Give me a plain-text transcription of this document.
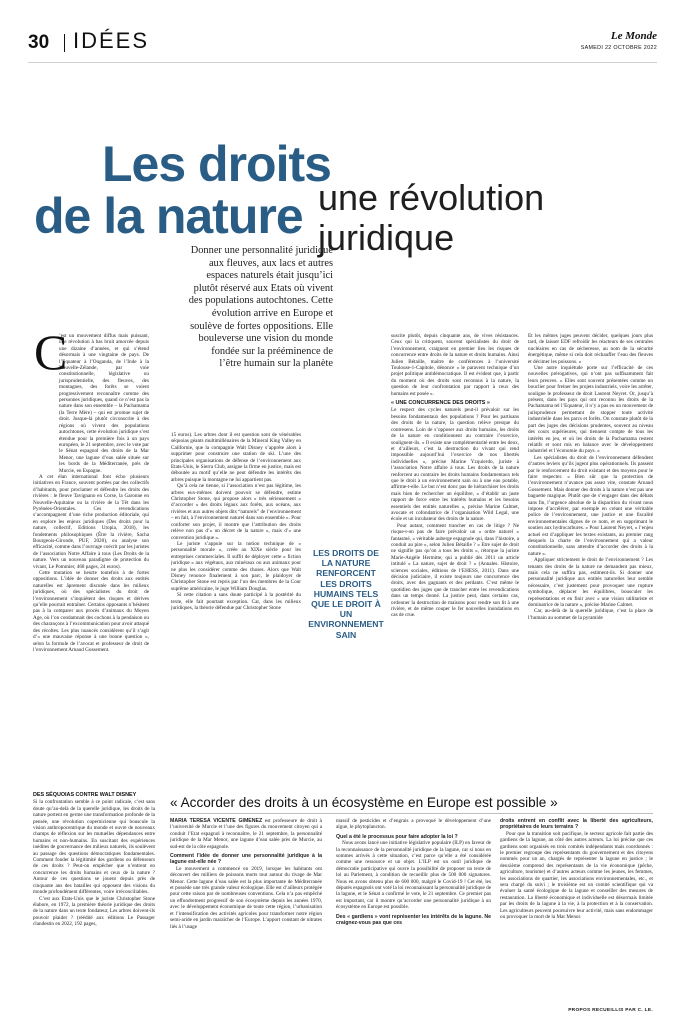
30 IDÉES	Le Monde
SAMEDI 22 OCTOBRE 2022
Les droits
de la nature une révolution
juridique
Donner une personnalité juridique aux fleuves, aux lacs et autres espaces naturels était jusqu’ici plutôt réservé aux Etats où vivent des populations autochtones. Cette évolution arrive en Europe et soulève de fortes oppositions. Elle bouleverse une vision du monde fondée sur la prééminence de l’être humain sur la planète
C

’est un mouvement diffus mais puissant, une révolution à bas bruit amorcée depuis une dizaine d’années, et qui s’étend désormais à une vingtaine de pays. De l’Equateur à l’Ouganda, de l’Inde à la Nouvelle-Zélande, par voie constitutionnelle, législative ou jurisprudentielle, des fleuves, des montagnes, des forêts se voient progressivement reconnaître comme des personnes juridiques, quand ce n’est pas la nature dans son ensemble – la Pachamama (la Terre Mère) – qui est promue sujet de droit. Jusque-là plutôt circonscrite à des régions où vivent des populations autochtones, cette évolution juridique s’est étendue pour la première fois à un pays européen, le 21 septembre, avec le vote par le Sénat espagnol des droits de la Mar Menor, une lagune d’eau salée située sur les bords de la Méditerranée, près de Murcie, en Espagne.

A cet élan international font écho plusieurs initiatives en France, souvent portées par des collectifs d’habitants, pour proclamer et défendre les droits des rivières : le fleuve Tavignano en Corse, la Garonne en Nouvelle-Aquitaine ou la rivière de la Têt dans les Pyrénées-Orientales. Ces revendications s’accompagnent d’une riche production éditoriale, qui en explore les enjeux juridiques (Des droits pour la nature, collectif, Editions Utopia, 2018), les fondements philosophiques (Être la rivière, Sacha Bourgeois-Gironde, PUF, 2020), ou analyse son efficacité, comme dans l’ouvrage coécrit par les juristes de l’association Notre Affaire à tous (Les Droits de la nature. Vers un nouveau paradigme de protection du vivant, Le Pommier, 468 pages, 24 euros).

Cette mutation se heurte toutefois à de fortes oppositions. L’idée de donner des droits aux entités naturelles est âprement discutée dans les milieux juridiques, où des spécialistes du droit de l’environnement s’inquiètent des risques et dérives qu’elle pourrait entraîner. Certains opposants n’hésitent pas à la comparer aux procès d’animaux du Moyen Age, où l’on condamnait des cochons à la pendaison ou des charançons à l’excommunication pour avoir attaqué des récoltes. Les plus nuancés considèrent qu’il s’agit d’« une mauvaise réponse à une bonne question », selon la formule de l’avocat et professeur de droit de l’environnement Arnaud Gossement.

15 euros). Les arbres dont il est question sont de vénérables séquoias géants multimillénaires de la Mineral King Valley en Californie, que la compagnie Walt Disney s’apprête alors à supprimer pour construire une station de ski. L’une des principales organisations de défense de l’environnement aux Etats-Unis, le Sierra Club, assigne la firme en justice, mais est déboutée au motif qu’elle ne peut défendre les intérêts des arbres puisque la montagne ne lui appartient pas.

Qu’à cela ne tienne, si l’association n’est pas légitime, les arbres eux-mêmes doivent pouvoir se défendre, estime Christopher Stone, qui propose alors « très sérieusement » d’accorder « des droits légaux aux forêts, aux océans, aux rivières et aux autres objets dits “naturels” de l’environnement – en fait, à l’environnement naturel dans son ensemble ». Pour conforter son projet, il montre que l’attribution des droits relève non pas d’« un décret de la nature », mais d’« une convention juridique ».

Le juriste s’appuie sur la notion technique de « personnalité morale », créée au XIXe siècle pour les entreprises commerciales. Il suffit de déployer cette « fiction juridique » aux végétaux, aux minéraux ou aux animaux pour ne plus les considérer comme des choses. Alors que Walt Disney renonce finalement à son parc, le plaidoyer de Christopher Stone est repris par l’un des membres de la Cour suprême américaine, le juge William Douglas.

Si cette citation a sans doute participé à la postérité du texte, elle fait pourtant exception. Car, dans les milieux juridiques, la théorie défendue par Christopher Stone

LES DROITS DE LA NATURE RENFORCENT LES DROITS HUMAINS TELS QUE LE DROIT À UN ENVIRONNEMENT SAIN

suscite plutôt, depuis cinquante ans, de vives résistances. Ceux qui la critiquent, souvent spécialistes du droit de l’environnement, craignent en premier lieu les risques de concurrence entre droits de la nature et droits humains. Ainsi Julien Bétaille, maître de conférences à l’université Toulouse-1-Capitole, dénonce « le paravent technique d’un projet politique antidémocratique. Il est évident que, à partir du moment où des droits sont reconnus à la nature, la question de leur confrontation par rapport à ceux des humains est posée ».

« UNE CONCURRENCE DES DROITS »

Le respect des cycles naturels peut-il prévaloir sur les besoins fondamentaux des populations ? Pour les partisans des droits de la nature, la question relève presque du contresens. Loin de s’opposer aux droits humains, les droits de la nature en conditionnent au contraire l’exercice, soulignent-ils. « Il existe une complémentarité entre les deux, et d’ailleurs, c’est la destruction du vivant qui rend impossible aujourd’hui l’exercice de nos libertés individuelles », précise Marine Yzquierdo, juriste à l’association Notre affaire à tous. Les droits de la nature renforcent au contraire les droits humains fondamentaux tels que le droit à un environnement sain ou à une eau potable, affirme-t-elle. Le but n’est donc pas de hiérarchiser les droits mais bien de rechercher un équilibre, « d’établir un juste rapport de force entre les intérêts humains et les besoins essentiels des entités naturelles », précise Marine Calmet, avocate et cofondatrice de l’organisation Wild Legal, une école et un incubateur des droits de la nature.

Pour autant, comment trancher en cas de litige ? Ne risque-t-on pas de faire prévaloir un « ordre naturel » fantasmé, « véritable auberge espagnole qui, dans l’histoire, a conduit au pire », selon Julien Bétaille ? « Etre sujet de droit ne signifie pas qu’on a tous les droits », rétorque la juriste Marie-Angèle Hermitte, qui a publié dès 2011 un article intitulé « La nature, sujet de droit ? » (Annales. Histoire, sciences sociales, éditions de l’EHESS, 2011). Dans une décision judiciaire, il existe toujours une concurrence des droits, avec des gagnants et des perdants. C’est même le quotidien des juges que de trancher entre les revendications dans un temps donné. La justice peut, dans certains cas, ordonner la destruction de maisons pour rendre son lit à une rivière, et de même couper le fer nouvelles inondations en cas de crue.

Et les mêmes juges peuvent décider, quelques jours plus tard, de laisser EDF refroidir les réacteurs de ses centrales nucléaires en cas de sécheresse, au nom de la sécurité énergétique, même si cela doit réchauffer l’eau des fleuves et décimer les poissons. »

Une autre inquiétude porte sur l’efficacité de ces nouvelles prérogatives, qui n’ont pas suffisamment fait leurs preuves. « Elles sont souvent présentées comme un bouclier pour freiner les projets industriels, voire les arrêter, souligne le professeur de droit Laurent Neyret. Or, jusqu’à présent, dans les pays qui ont reconnu les droits de la Pachamama tel l’Equateur, il n’y a pas eu un mouvement de jurisprudence permettant de stopper toute activité industrielle dans les parcs et forêts. On constate plutôt de la part des juges des décisions prudentes, souvent au niveau des cours supérieures, qui tiennent compte de tous les intérêts en jeu, et où les droits de la Pachamama restent relatifs et sont mis en balance avec le développement industriel et l’économie du pays. »

Les spécialistes du droit de l’environnement défendent d’autres leviers qu’ils jugent plus opérationnels. Ils passent par le renforcement du droit existant et des moyens pour le faire respecter. « Bien sûr que la protection de l’environnement n’avance pas assez vite, constate Arnaud Gossement. Mais donner des droits à la nature n’est pas une baguette magique. Plutôt que de s’engager dans des débats sans fin, l’urgence absolue de la disparition du vivant nous impose d’accélérer, par exemple en créant une véritable police de l’environnement, une justice et une fiscalité environnementales dignes de ce nom, et en supprimant le soutien aux hydrocarbures. » Pour Laurent Neyret, « l’enjeu actuel est d’appliquer les textes existants, au premier rang desquels la charte de l’environnement qui a valeur constitutionnelle, sans attendre d’accorder des droits à la nature ».

Appliquer strictement le droit de l’environnement ? Les tenants des droits de la nature ne demandent pas mieux, mais cela ne suffira pas, estiment-ils. Si donner une personnalité juridique aux entités naturelles leur semble nécessaire, c’est justement pour provoquer une rupture symbolique, déplacer les équilibres, bousculer les représentations et en finir avec « une vision utilitariste et dominatrice de la nature », précise Marine Calmet.

Car, au-delà de la querelle juridique, c’est la place de l’humain au sommet de la pyramide

DES SÉQUOIAS CONTRE WALT DISNEY

Si la confrontation semble à ce point radicale, c’est sans doute qu’au-delà de la querelle juridique, les droits de la nature portent en germe une transformation profonde de la pensée, une révolution copernicienne qui bouscule la vision anthropocentrique du monde et ouvre de nouveaux champs de réflexion sur les mutuelles dépendances entre humains et non-humains. En suscitant des expériences inédites de gouvernance des milieux naturels, ils soulèvent au passage des questions démocratiques fondamentales. Comment fonder la légitimité des gardiens ou défenseurs de ces droits ? Peut-on empêcher que n’entrent en concurrence les droits humains et ceux de la nature ? Autour de ces questions se jouent depuis près de cinquante ans des batailles qui opposent des visions du monde profondément différentes, voire irréconciliables.

C’est aux Etats-Unis que le juriste Christopher Stone élabore, en 1972, la première théorie juridique des droits de la nature dans un texte fondateur, Les arbres doivent-ils pouvoir plaider ? (réédité aux éditions Le Passager clandestin en 2022, 192 pages,

« Accorder des droits à un écosystème en Europe est possible »

MARIA TERESA VICENTE GIMÉNEZ est professeure de droit à l’université de Murcie et l’une des figures du mouvement citoyen qui a conduit l’Etat espagnol à reconnaître, le 21 septembre, la personnalité juridique de la Mar Menor, une lagune d’eau salée près de Murcie, au sud-est de la côte espagnole.

Comment l’idée de donner une personnalité juridique à la lagune est-elle née ?

Le mouvement a commencé en 2019, lorsque les habitants ont découvert des milliers de poissons morts tout autour du rivage de Mar Menor. Cette lagune d’eau salée est la plus importante de Méditerranée et possède une très grande valeur écologique. Elle est d’ailleurs protégée pour cette raison par de nombreuses conventions. Cela n’a pas empêché un effondrement progressif de son écosystème depuis les années 1970, avec le développement économique de toute cette région, l’urbanisation et l’intensification des activités agricoles pour transformer notre région semi-aride en jardin maraîcher de l’Europe. L’apport constant de nitrates liés à l’usage

massif de pesticides et d’engrais a provoqué le développement d’une algue, le phytoplancton.

Quel a été le processus pour faire adopter la loi ?

Nous avons lancé une initiative législative populaire (ILP) en faveur de la reconnaissance de la personnalité juridique de la lagune, car si nous en sommes arrivés à cette situation, c’est parce qu’elle a été considérée comme une ressource et un objet. L’ILP est un outil juridique de démocratie participative qui ouvre la possibilité de proposer un texte de loi au Parlement, à condition de recueillir plus de 500 000 signatures. Nous en avons obtenu plus de 600 000, malgré le Covid-19 ! Cet été, les députés espagnols ont voté la loi reconnaissant la personnalité juridique de la lagune, et le Sénat a confirmé le vote, le 21 septembre. Ce premier pas est important, car il montre qu’accorder une personnalité juridique à un écosystème en Europe est possible.

Des « gardiens » vont représenter les intérêts de la lagune. Ne craignez-vous pas que ces

droits entrent en conflit avec la liberté des agriculteurs, propriétaires de leurs terrains ?

Pour que la transition soit pacifique, le secteur agricole fait partie des gardiens de la lagune, au côté des autres acteurs. La loi précise que ces gardiens sont organisés en trois comités indépendants mais coordonnés : le premier regroupe des représentants du gouvernement et des citoyens nommés pour un an, chargés de représenter la lagune en justice ; le deuxième comprend des représentants de la vie économique (pêche, agriculture, tourisme) et d’autres acteurs comme les jeunes, les femmes, les associations de quartier, les associations environnementales, etc., et sera chargé du suivi ; le troisième est un comité scientifique qui va évaluer la santé écologique de la lagune et conseiller des mesures de restauration. La liberté économique et individuelle est désormais limitée par les droits de la lagune à la vie, à la protection et à la conservation. Les agriculteurs peuvent poursuivre leur activité, mais sans endommager ou provoquer la mort de la Mar Menor.

PROPOS RECUEILLIS PAR C. LE.
